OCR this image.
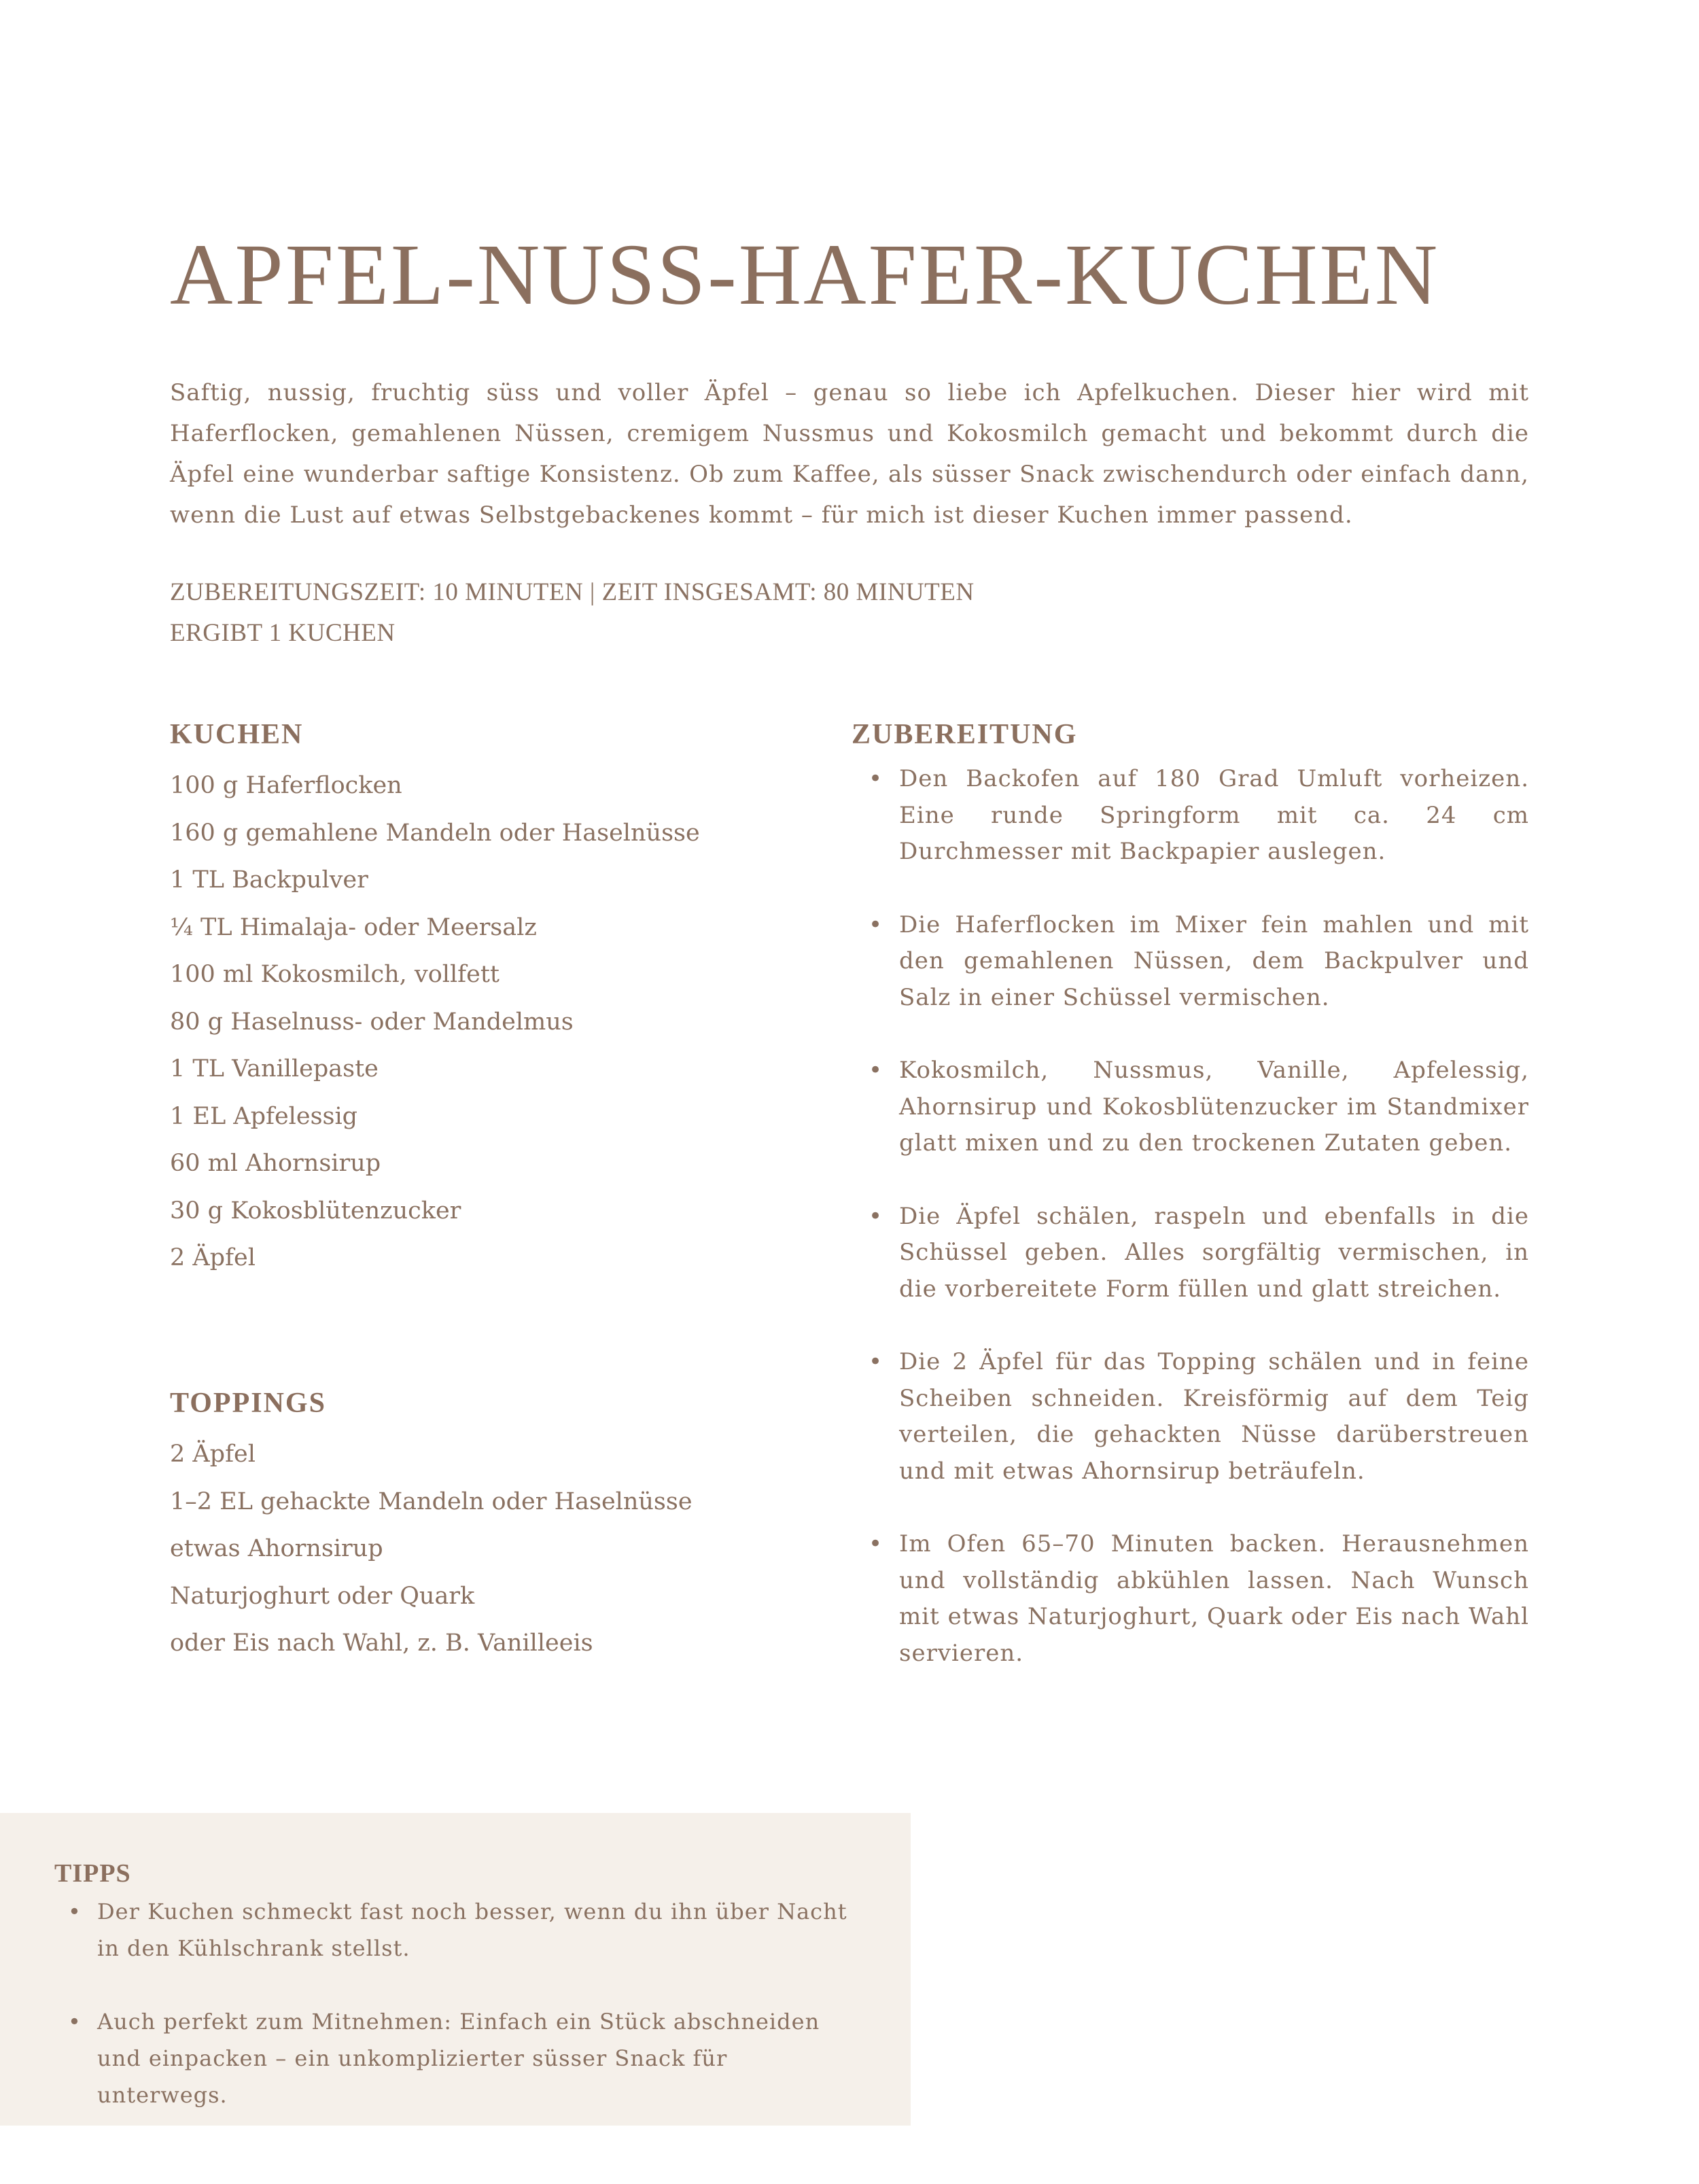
APFEL-NUSS-HAFER-KUCHEN

Saftig, nussig, fruchtig süss und voller Äpfel – genau so liebe ich Apfelkuchen. Dieser hier wird mit Haferflocken, gemahlenen Nüssen, cremigem Nussmus und Kokosmilch gemacht und bekommt durch die Äpfel eine wunderbar saftige Konsistenz. Ob zum Kaffee, als süsser Snack zwischendurch oder einfach dann, wenn die Lust auf etwas Selbstgebackenes kommt – für mich ist dieser Kuchen immer passend.

ZUBEREITUNGSZEIT: 10 MINUTEN | ZEIT INSGESAMT: 80 MINUTEN
ERGIBT 1 KUCHEN
KUCHEN
100 g Haferflocken
160 g gemahlene Mandeln oder Haselnüsse
1 TL Backpulver
¼ TL Himalaja- oder Meersalz
100 ml Kokosmilch, vollfett
80 g Haselnuss- oder Mandelmus
1 TL Vanillepaste
1 EL Apfelessig
60 ml Ahornsirup
30 g Kokosblütenzucker
2 Äpfel
TOPPINGS
2 Äpfel
1–2 EL gehackte Mandeln oder Haselnüsse
etwas Ahornsirup
Naturjoghurt oder Quark
oder Eis nach Wahl, z. B. Vanilleeis
ZUBEREITUNG
• Den Backofen auf 180 Grad Umluft vorheizen. Eine runde Springform mit ca. 24 cm Durchmesser mit Backpapier auslegen.
• Die Haferflocken im Mixer fein mahlen und mit den gemahlenen Nüssen, dem Backpulver und Salz in einer Schüssel vermischen.
• Kokosmilch, Nussmus, Vanille, Apfelessig, Ahornsirup und Kokosblütenzucker im Standmixer glatt mixen und zu den trockenen Zutaten geben.
• Die Äpfel schälen, raspeln und ebenfalls in die Schüssel geben. Alles sorgfältig vermischen, in die vorbereitete Form füllen und glatt streichen.
• Die 2 Äpfel für das Topping schälen und in feine Scheiben schneiden. Kreisförmig auf dem Teig verteilen, die gehackten Nüsse darüberstreuen und mit etwas Ahornsirup beträufeln.
• Im Ofen 65–70 Minuten backen. Herausnehmen und vollständig abkühlen lassen. Nach Wunsch mit etwas Naturjoghurt, Quark oder Eis nach Wahl servieren.
TIPPS
• Der Kuchen schmeckt fast noch besser, wenn du ihn über Nacht in den Kühlschrank stellst.
• Auch perfekt zum Mitnehmen: Einfach ein Stück abschneiden und einpacken – ein unkomplizierter süsser Snack für unterwegs.
